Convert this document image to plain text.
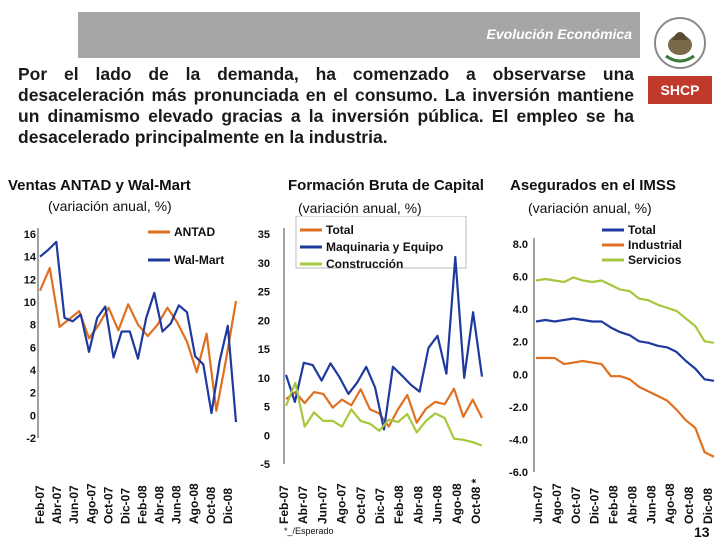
Evolución Económica
SHCP
Por el lado de la demanda, ha comenzado a observarse una desaceleración más pronunciada en el consumo. La inversión mantiene un dinamismo elevado gracias a la inversión pública. El empleo se ha desacelerado principalmente en la industria.
Ventas ANTAD y Wal-Mart
(variación anual, %)
Formación Bruta de Capital
(variación anual, %)
Asegurados en el IMSS
(variación anual, %)
16
14
12
10
8
6
4
2
0
-2
ANTAD
Wal-Mart
Feb-07 Abr-07 Jun-07 Ago-07 Oct-07 Dic-07 Feb-08 Abr-08 Jun-08 Ago-08 Oct-08 Dic-08
35
30
25
20
15
10
5
0
-5
Total
Maquinaria y Equipo
Construcción
Feb-07 Abr-07 Jun-07 Ago-07 Oct-07 Dic-07 Feb-08 Abr-08 Jun-08 Ago-08 Oct-08 *
8.0
6.0
4.0
2.0
0.0
-2.0
-4.0
-6.0
Total
Industrial
Servicios
Jun-07 Ago-07 Oct-07 Dic-07 Feb-08 Abr-08 Jun-08 Ago-08 Oct-08 Dic-08
*_/Esperado	13
